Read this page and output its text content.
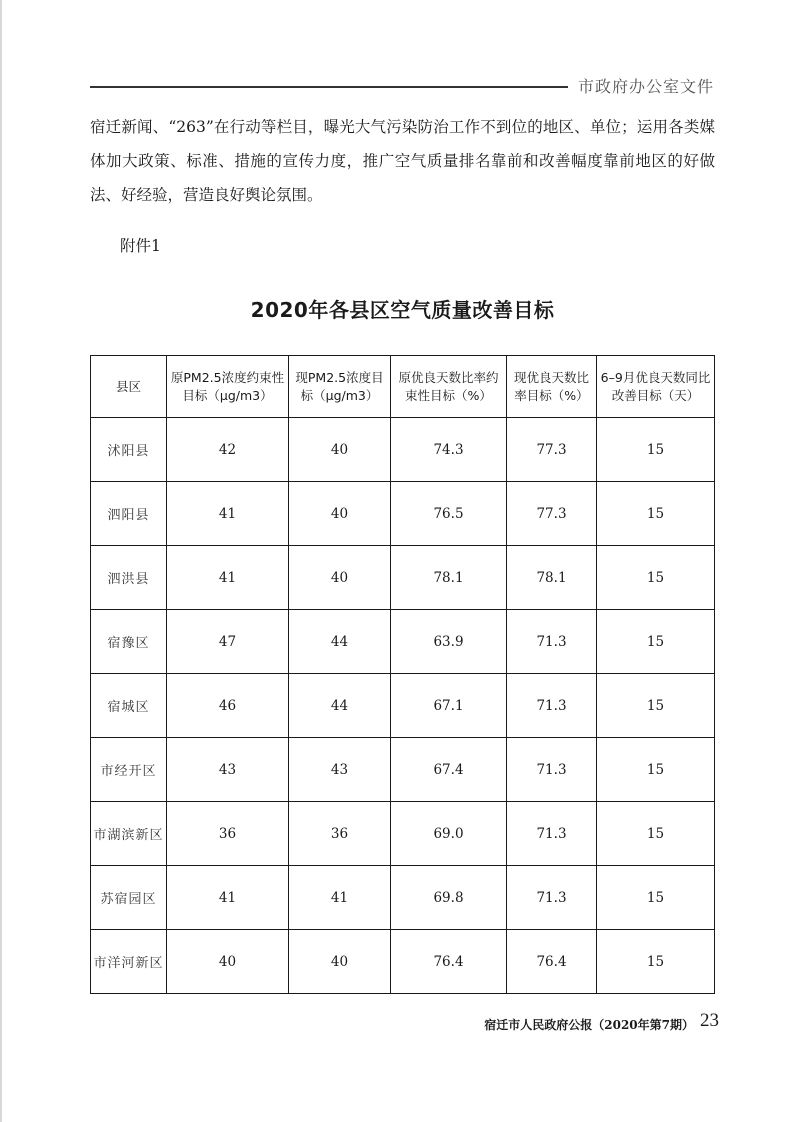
市政府办公室文件

宿迁新闻、“263”在行动等栏目，曝光大气污染防治工作不到位的地区、单位；运用各类媒体加大政策、标准、措施的宣传力度，推广空气质量排名靠前和改善幅度靠前地区的好做法、好经验，营造良好舆论氛围。

附件1
2020年各县区空气质量改善目标
县区	原PM2.5浓度约束性目标（μg/m3）	现PM2.5浓度目标（μg/m3）	原优良天数比率约束性目标（%）	现优良天数比率目标（%）	6–9月优良天数同比改善目标（天）
沭阳县	42	40	74.3	77.3	15
泗阳县	41	40	76.5	77.3	15
泗洪县	41	40	78.1	78.1	15
宿豫区	47	44	63.9	71.3	15
宿城区	46	44	67.1	71.3	15
市经开区	43	43	67.4	71.3	15
市湖滨新区	36	36	69.0	71.3	15
苏宿园区	41	41	69.8	71.3	15
市洋河新区	40	40	76.4	76.4	15
宿迁市人民政府公报（2020年第7期） 23
